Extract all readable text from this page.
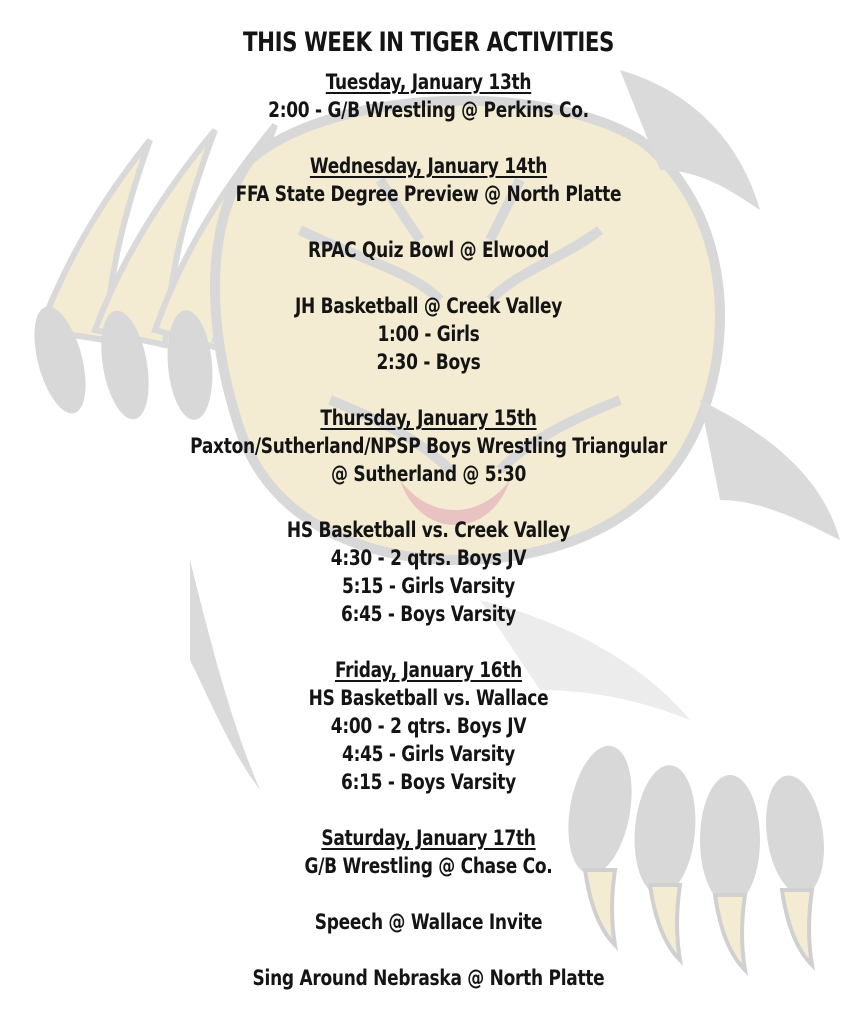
THIS WEEK IN TIGER ACTIVITIES
Tuesday, January 13th
2:00 - G/B Wrestling @ Perkins Co.
Wednesday, January 14th
FFA State Degree Preview @ North Platte
RPAC Quiz Bowl @ Elwood
JH Basketball @ Creek Valley
1:00 - Girls
2:30 - Boys
Thursday, January 15th
Paxton/Sutherland/NPSP Boys Wrestling Triangular
@ Sutherland @ 5:30
HS Basketball vs. Creek Valley
4:30 - 2 qtrs. Boys JV
5:15 - Girls Varsity
6:45 - Boys Varsity
Friday, January 16th
HS Basketball vs. Wallace
4:00 - 2 qtrs. Boys JV
4:45 - Girls Varsity
6:15 - Boys Varsity
Saturday, January 17th
G/B Wrestling @ Chase Co.
Speech @ Wallace Invite
Sing Around Nebraska @ North Platte
